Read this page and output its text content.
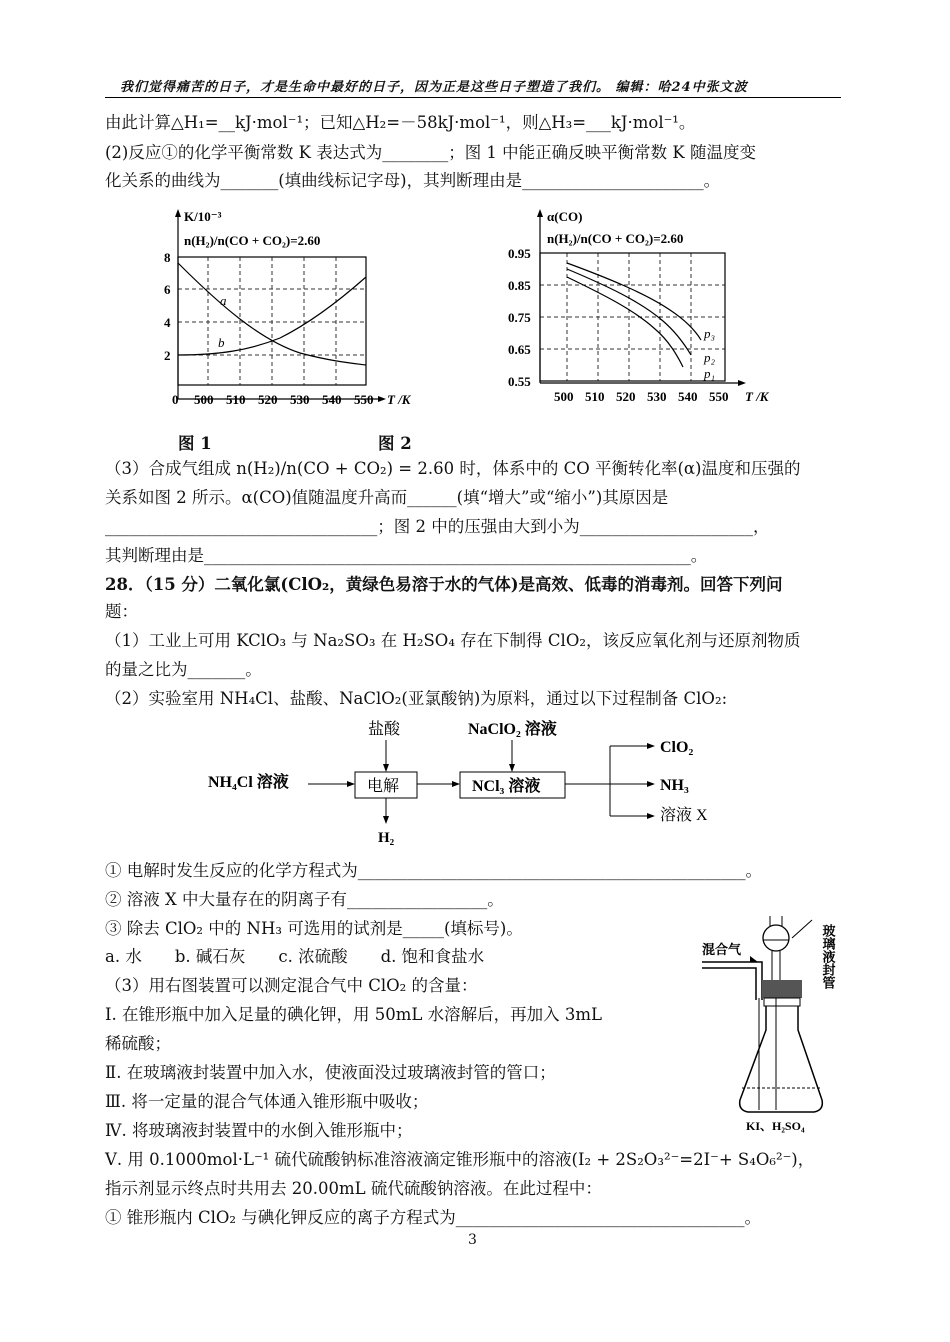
我们觉得痛苦的日子，才是生命中最好的日子，因为正是这些日子塑造了我们。 编辑：哈24中张文波
由此计算△H₁=__kJ·mol⁻¹；已知△H₂=－58kJ·mol⁻¹，则△H₃=___kJ·mol⁻¹。
(2)反应①的化学平衡常数 K 表达式为________；图 1 中能正确反映平衡常数 K 随温度变
化关系的曲线为_______(填曲线标记字母)，其判断理由是______________________。
K/10⁻³
n(H₂)/n(CO + CO₂)=2.60
2
4
6
8
0 500 510 520 530 540 550 T /K
a
b
α(CO)
n(H₂)/n(CO + CO₂)=2.60
0.55
0.65
0.75
0.85
0.95
500 510 520 530 540 550 T /K
p₃
p₂
p₁
图 1	图 2
（3）合成气组成 n(H₂)/n(CO + CO₂) = 2.60 时，体系中的 CO 平衡转化率(α)温度和压强的
关系如图 2 所示。α(CO)值随温度升高而______(填“增大”或“缩小”)其原因是
_________________________________；图 2 中的压强由大到小为_____________________，
其判断理由是___________________________________________________________。
28．（15 分）二氧化氯(ClO₂，黄绿色易溶于水的气体)是高效、低毒的消毒剂。回答下列问
题：
（1）工业上可用 KClO₃ 与 Na₂SO₃ 在 H₂SO₄ 存在下制得 ClO₂，该反应氧化剂与还原剂物质
的量之比为_______。
（2）实验室用 NH₄Cl、盐酸、NaClO₂(亚氯酸钠)为原料，通过以下过程制备 ClO₂:
NH₄Cl 溶液	电解
盐酸
H₂
NCl₃ 溶液
NaClO₂ 溶液
ClO₂
NH₃
溶液 X
① 电解时发生反应的化学方程式为_______________________________________________。
② 溶液 X 中大量存在的阴离子有_________________。
③ 除去 ClO₂ 中的 NH₃ 可选用的试剂是_____(填标号)。
a. 水　　b. 碱石灰　　c. 浓硫酸　　d. 饱和食盐水
（3）用右图装置可以测定混合气中 ClO₂ 的含量：
Ⅰ. 在锥形瓶中加入足量的碘化钾，用 50mL 水溶解后，再加入 3mL
稀硫酸；
Ⅱ. 在玻璃液封装置中加入水，使液面没过玻璃液封管的管口；
Ⅲ. 将一定量的混合气体通入锥形瓶中吸收；
Ⅳ. 将玻璃液封装置中的水倒入锥形瓶中；
Ⅴ. 用 0.1000mol·L⁻¹ 硫代硫酸钠标准溶液滴定锥形瓶中的溶液(I₂ + 2S₂O₃²⁻=2I⁻+ S₄O₆²⁻)，
指示剂显示终点时共用去 20.00mL 硫代硫酸钠溶液。在此过程中：
① 锥形瓶内 ClO₂ 与碘化钾反应的离子方程式为___________________________________。
混合气	玻璃液封管
KI、H₂SO₄
3
